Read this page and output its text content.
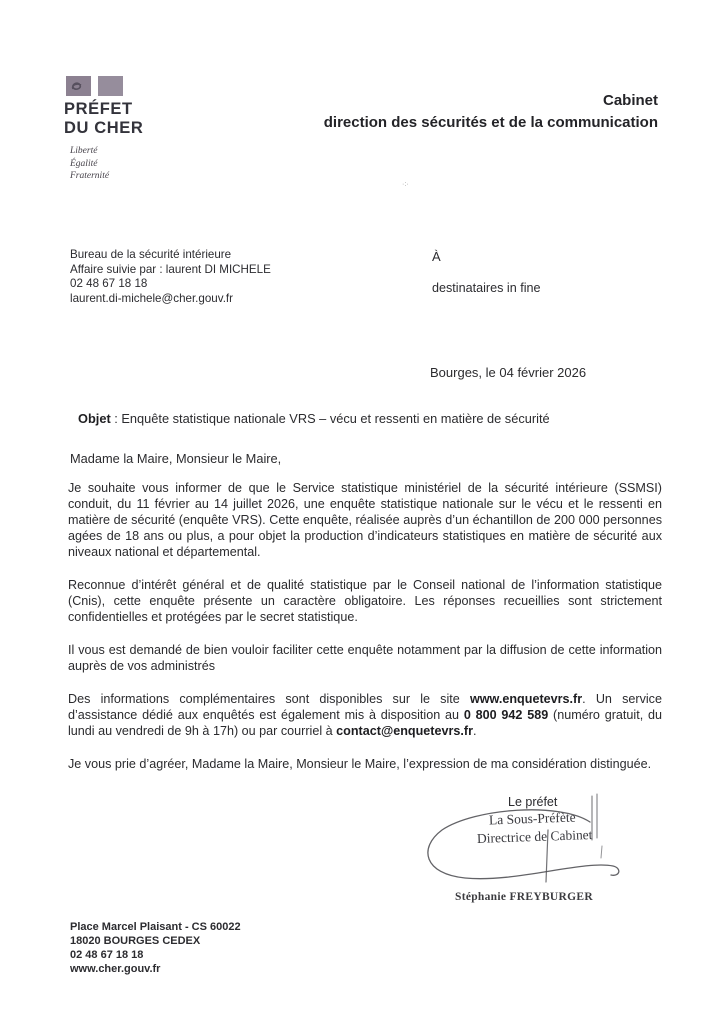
PRÉFET
DU CHER
Liberté
Égalité
Fraternité
Cabinet
direction des sécurités et de la communication
Bureau de la sécurité intérieure
Affaire suivie par : laurent DI MICHELE
02 48 67 18 18
laurent.di-michele@cher.gouv.fr
À
destinataires in fine
Bourges, le 04 février 2026
Objet : Enquête statistique nationale VRS – vécu et ressenti en matière de sécurité
Madame la Maire, Monsieur le Maire,

Je souhaite vous informer de que le Service statistique ministériel de la sécurité intérieure (SSMSI) conduit, du 11 février au 14 juillet 2026, une enquête statistique nationale sur le vécu et le ressenti en matière de sécurité (enquête VRS). Cette enquête, réalisée auprès d’un échantillon de 200 000 personnes agées de 18 ans ou plus, a pour objet la production d’indicateurs statistiques en matière de sécurité aux niveaux national et départemental.

Reconnue d’intérêt général et de qualité statistique par le Conseil national de l’information statistique (Cnis), cette enquête présente un caractère obligatoire. Les réponses recueillies sont strictement confidentielles et protégées par le secret statistique.

Il vous est demandé de bien vouloir faciliter cette enquête notamment par la diffusion de cette information auprès de vos administrés

Des informations complémentaires sont disponibles sur le site www.enquetevrs.fr. Un service d’assistance dédié aux enquêtés est également mis à disposition au 0 800 942 589 (numéro gratuit, du lundi au vendredi de 9h à 17h) ou par courriel à contact@enquetevrs.fr.

Je vous prie d’agréer, Madame la Maire, Monsieur le Maire, l’expression de ma considération distinguée.

Le préfet
La Sous-Préfète
Directrice de Cabinet
Stéphanie FREYBURGER
Place Marcel Plaisant - CS 60022
18020 BOURGES CEDEX
02 48 67 18 18
www.cher.gouv.fr
·:·
